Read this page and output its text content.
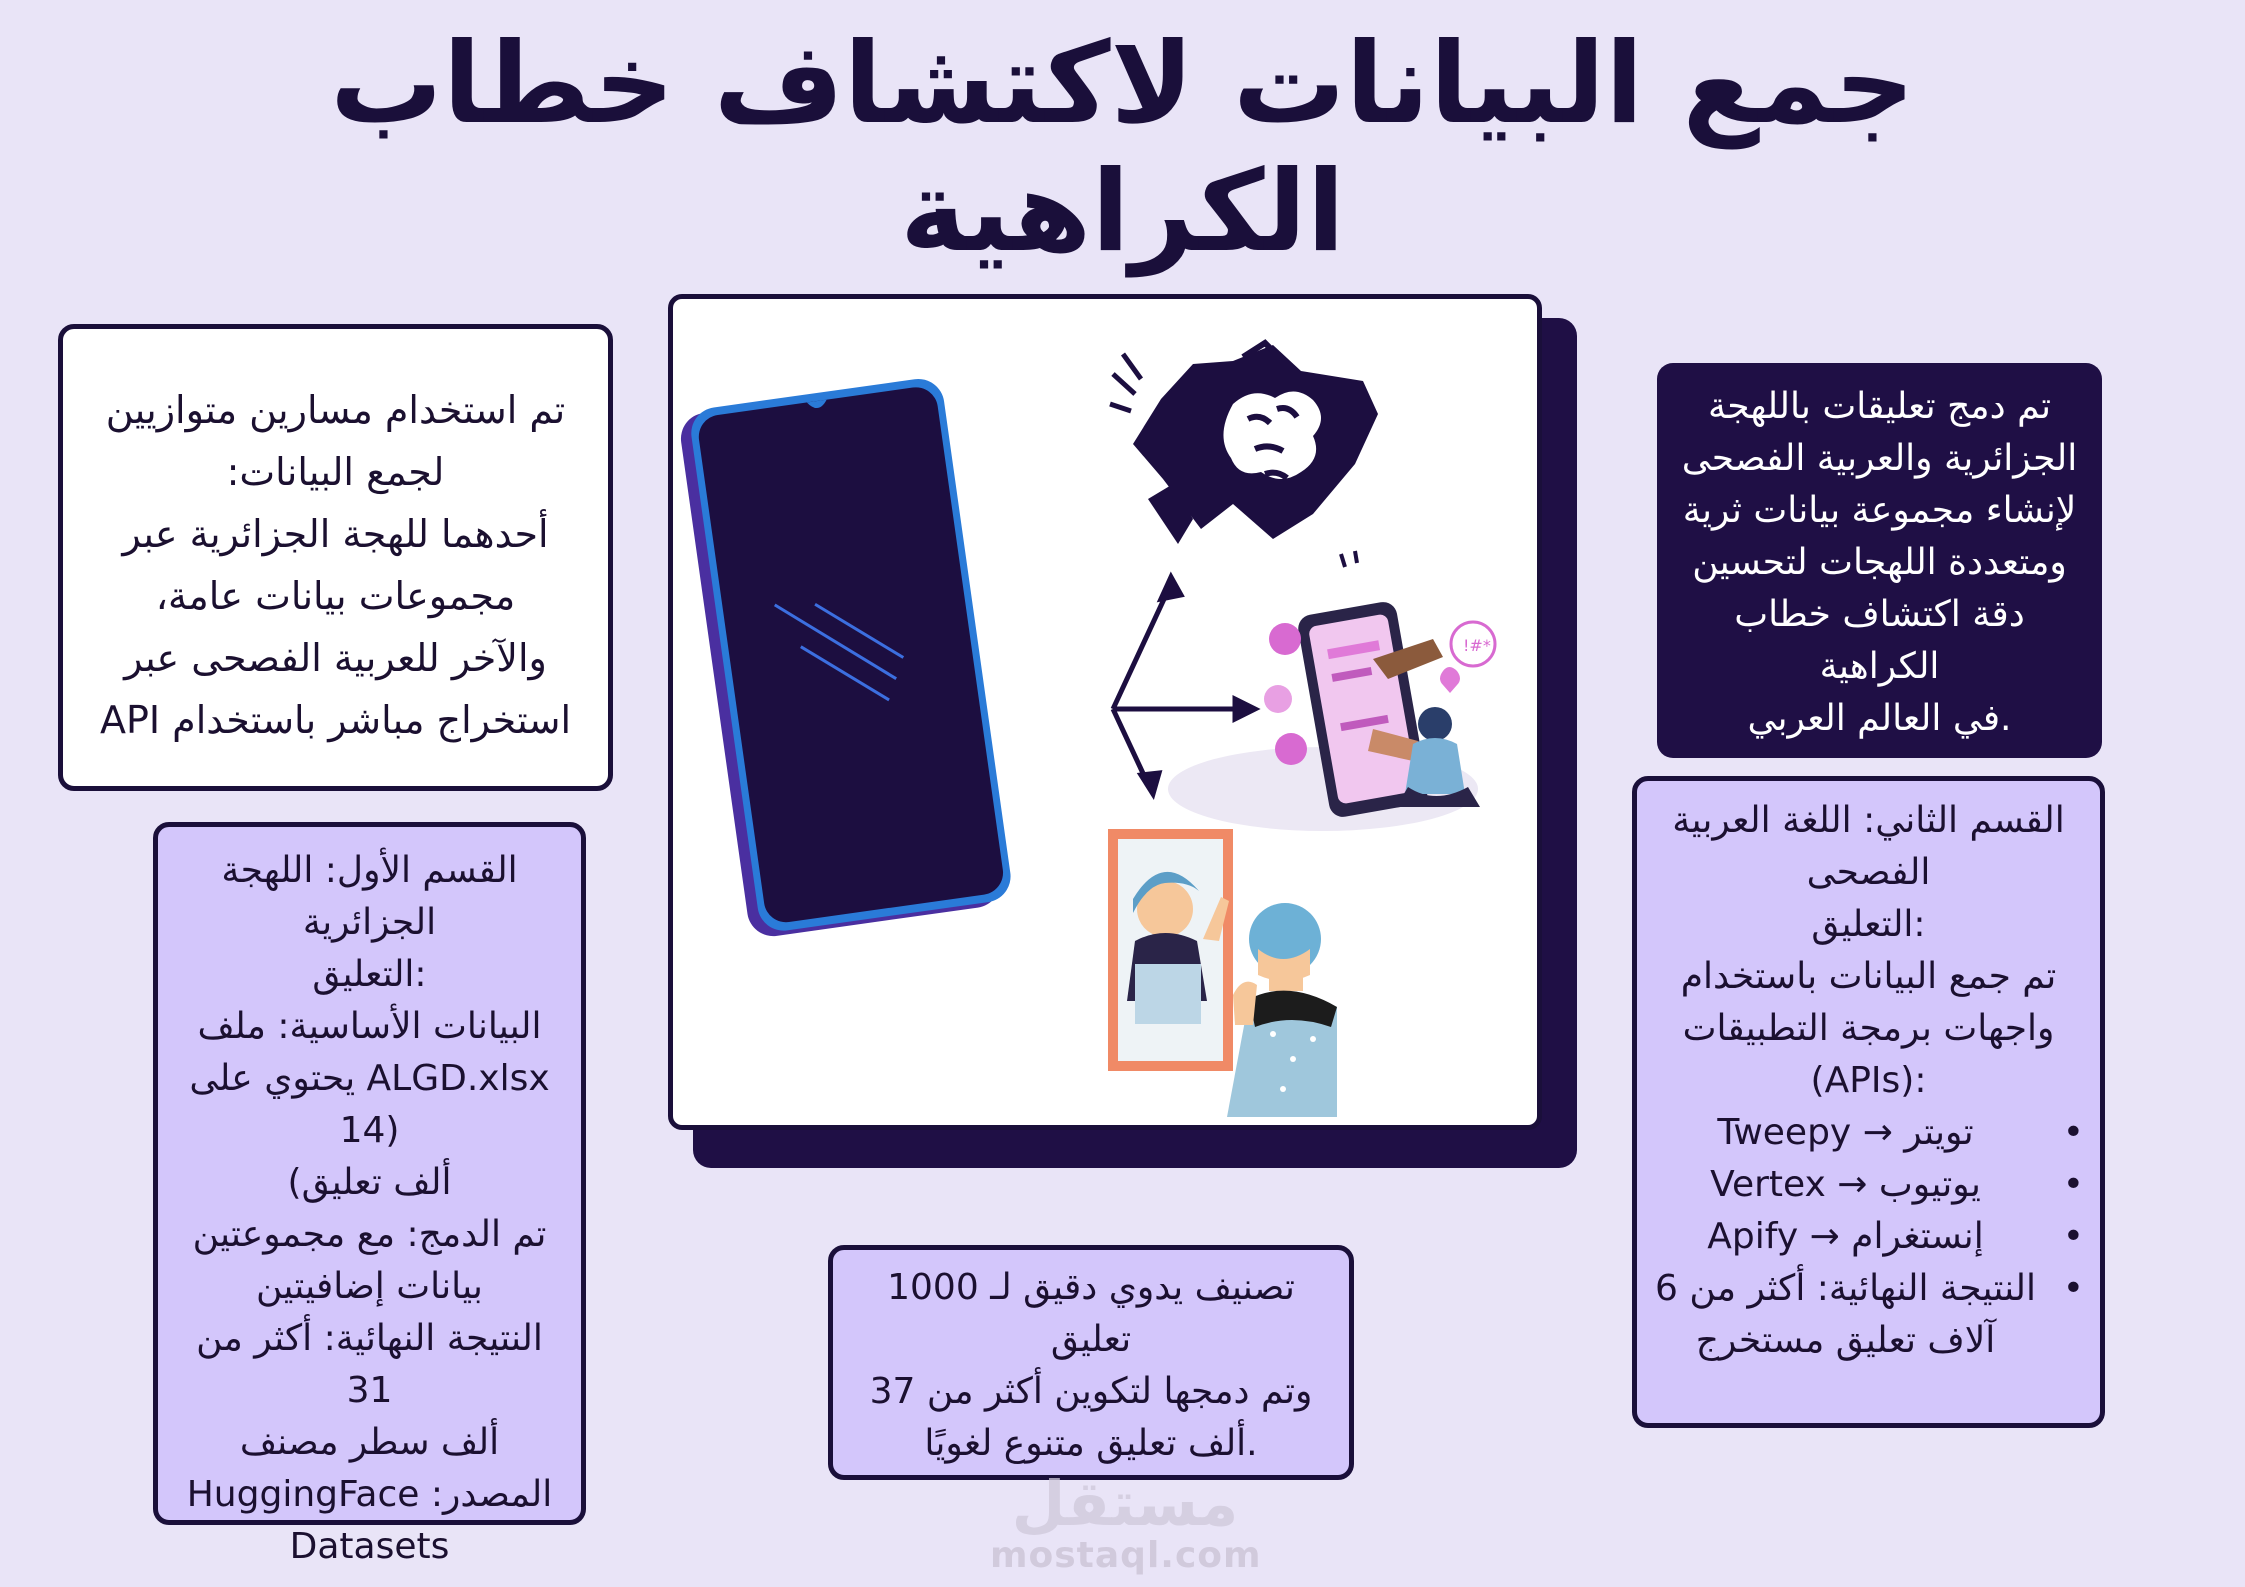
جمع البيانات لاكتشاف خطاب
الكراهية

تم استخدام مسارين متوازيين

لجمع البيانات:

أحدهما للهجة الجزائرية عبر

مجموعات بيانات عامة،

والآخر للعربية الفصحى عبر

استخراج مباشر باستخدام API

القسم الأول: اللهجة

الجزائرية

:التعليق

البيانات الأساسية: ملف

ALGD.xlsx يحتوي على (14

ألف تعليق)

تم الدمج: مع مجموعتين

بيانات إضافيتين

النتيجة النهائية: أكثر من 31

ألف سطر مصنف

المصدر: HuggingFace

Datasets

!#*

تصنيف يدوي دقيق لـ 1000

تعليق

وتم دمجها لتكوين أكثر من 37

.ألف تعليق متنوع لغويًا

تم دمج تعليقات باللهجة

الجزائرية والعربية الفصحى

لإنشاء مجموعة بيانات ثرية

ومتعددة اللهجات لتحسين

دقة اكتشاف خطاب الكراهية

.في العالم العربي

القسم الثاني: اللغة العربية

الفصحى

:التعليق

تم جمع البيانات باستخدام

واجهات برمجة التطبيقات

:(APIs)

• تويتر → Tweepy
• يوتيوب → Vertex
• إنستغرام → Apify
• النتيجة النهائية: أكثر من 6 آلاف تعليق مستخرج
مستقل
mostaql.com
